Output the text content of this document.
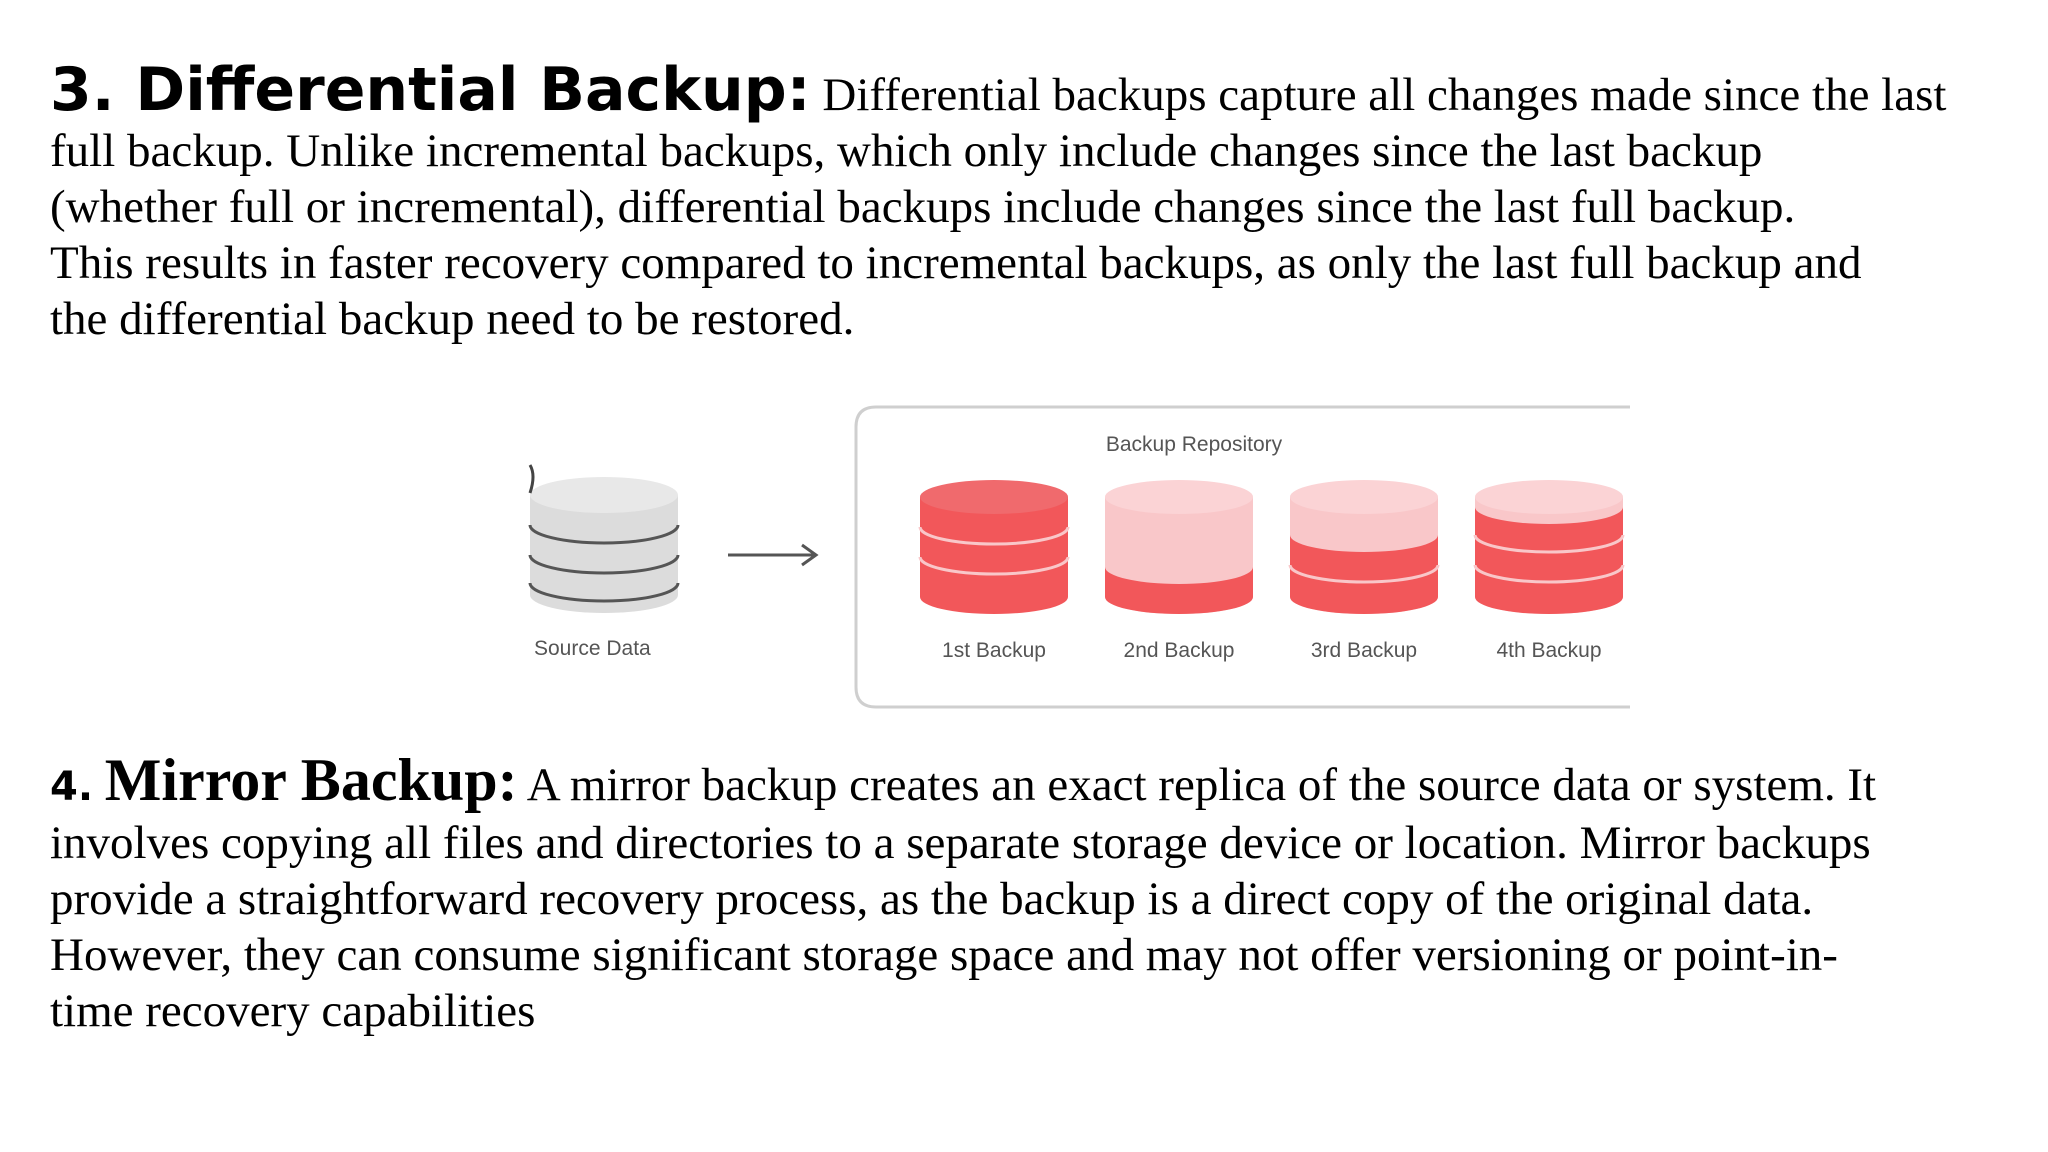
3. Differential Backup: Differential backups capture all changes made since the last
full backup. Unlike incremental backups, which only include changes since the last backup
(whether full or incremental), differential backups include changes since the last full backup.
This results in faster recovery compared to incremental backups, as only the last full backup and
the differential backup need to be restored.
Source Data
Backup Repository
1st Backup	2nd Backup	3rd Backup	4th Backup
4. Mirror Backup: A mirror backup creates an exact replica of the source data or system. It
involves copying all files and directories to a separate storage device or location. Mirror backups
provide a straightforward recovery process, as the backup is a direct copy of the original data.
However, they can consume significant storage space and may not offer versioning or point-in-
time recovery capabilities
